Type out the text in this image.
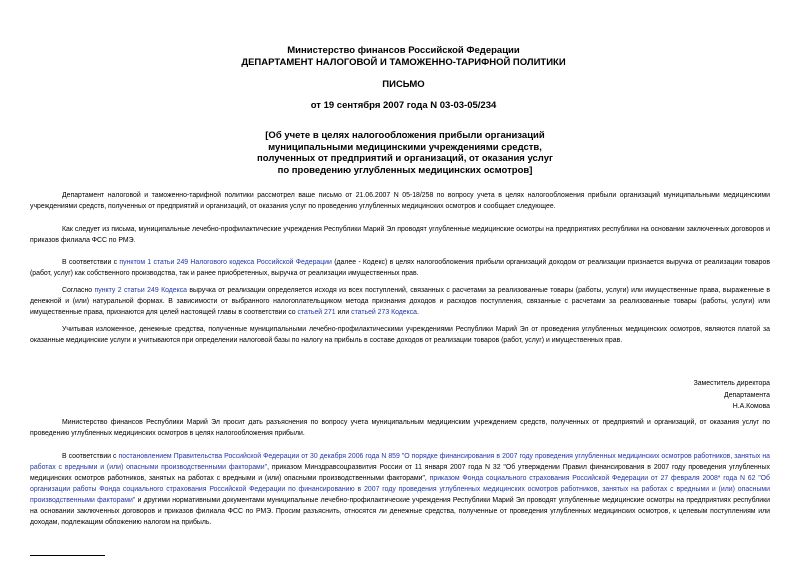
Министерство финансов Российской Федерации
ДЕПАРТАМЕНТ НАЛОГОВОЙ И ТАМОЖЕННО-ТАРИФНОЙ ПОЛИТИКИ
ПИСЬМО
от 19 сентября 2007 года N 03-03-05/234
[Об учете в целях налогообложения прибыли организаций
муниципальными медицинскими учреждениями средств,
полученных от предприятий и организаций, от оказания услуг
по проведению углубленных медицинских осмотров]

Департамент налоговой и таможенно-тарифной политики рассмотрел ваше письмо от 21.06.2007 N 05-18/258 по вопросу учета в целях налогообложения прибыли организаций муниципальными медицинскими учреждениями средств, полученных от предприятий и организаций, от оказания услуг по проведению углубленных медицинских осмотров и сообщает следующее.

Как следует из письма, муниципальные лечебно-профилактические учреждения Республики Марий Эл проводят углубленные медицинские осмотры на предприятиях республики на основании заключенных договоров и приказов филиала ФСС по РМЭ.

В соответствии с пунктом 1 статьи 249 Налогового кодекса Российской Федерации (далее - Кодекс) в целях налогообложения прибыли организаций доходом от реализации признается выручка от реализации товаров (работ, услуг) как собственного производства, так и ранее приобретенных, выручка от реализации имущественных прав.

Согласно пункту 2 статьи 249 Кодекса выручка от реализации определяется исходя из всех поступлений, связанных с расчетами за реализованные товары (работы, услуги) или имущественные права, выраженные в денежной и (или) натуральной формах. В зависимости от выбранного налогоплательщиком метода признания доходов и расходов поступления, связанные с расчетами за реализованные товары (работы, услуги) или имущественные права, признаются для целей настоящей главы в соответствии со статьей 271 или статьей 273 Кодекса.

Учитывая изложенное, денежные средства, полученные муниципальными лечебно-профилактическими учреждениями Республики Марий Эл от проведения углубленных медицинских осмотров, являются платой за оказанные медицинские услуги и учитываются при определении налоговой базы по налогу на прибыль в составе доходов от реализации товаров (работ, услуг) и имущественных прав.

Заместитель директора
Департамента
Н.А.Комова

Министерство финансов Республики Марий Эл просит дать разъяснения по вопросу учета муниципальным медицинским учреждением средств, полученных от предприятий и организаций, от оказания услуг по проведению углубленных медицинских осмотров в целях налогообложения прибыли.

В соответствии с постановлением Правительства Российской Федерации от 30 декабря 2006 года N 859 "О порядке финансирования в 2007 году проведения углубленных медицинских осмотров работников, занятых на работах с вредными и (или) опасными производственными факторами", приказом Минздравсоцразвития России от 11 января 2007 года N 32 "Об утверждении Правил финансирования в 2007 году проведения углубленных медицинских осмотров работников, занятых на работах с вредными и (или) опасными производственными факторами", приказом Фонда социального страхования Российской Федерации от 27 февраля 2008* года N 62 "Об организации работы Фонда социального страхования Российской Федерации по финансированию в 2007 году проведения углубленных медицинских осмотров работников, занятых на работах с вредными и (или) опасными производственными факторами" и другими нормативными документами муниципальные лечебно-профилактические учреждения Республики Марий Эл проводят углубленные медицинские осмотры на предприятиях республики на основании заключенных договоров и приказов филиала ФСС по РМЭ. Просим разъяснить, относятся ли денежные средства, полученные от проведения углубленных медицинских осмотров, к целевым поступлениям или доходам, подлежащим обложению налогом на прибыль.
